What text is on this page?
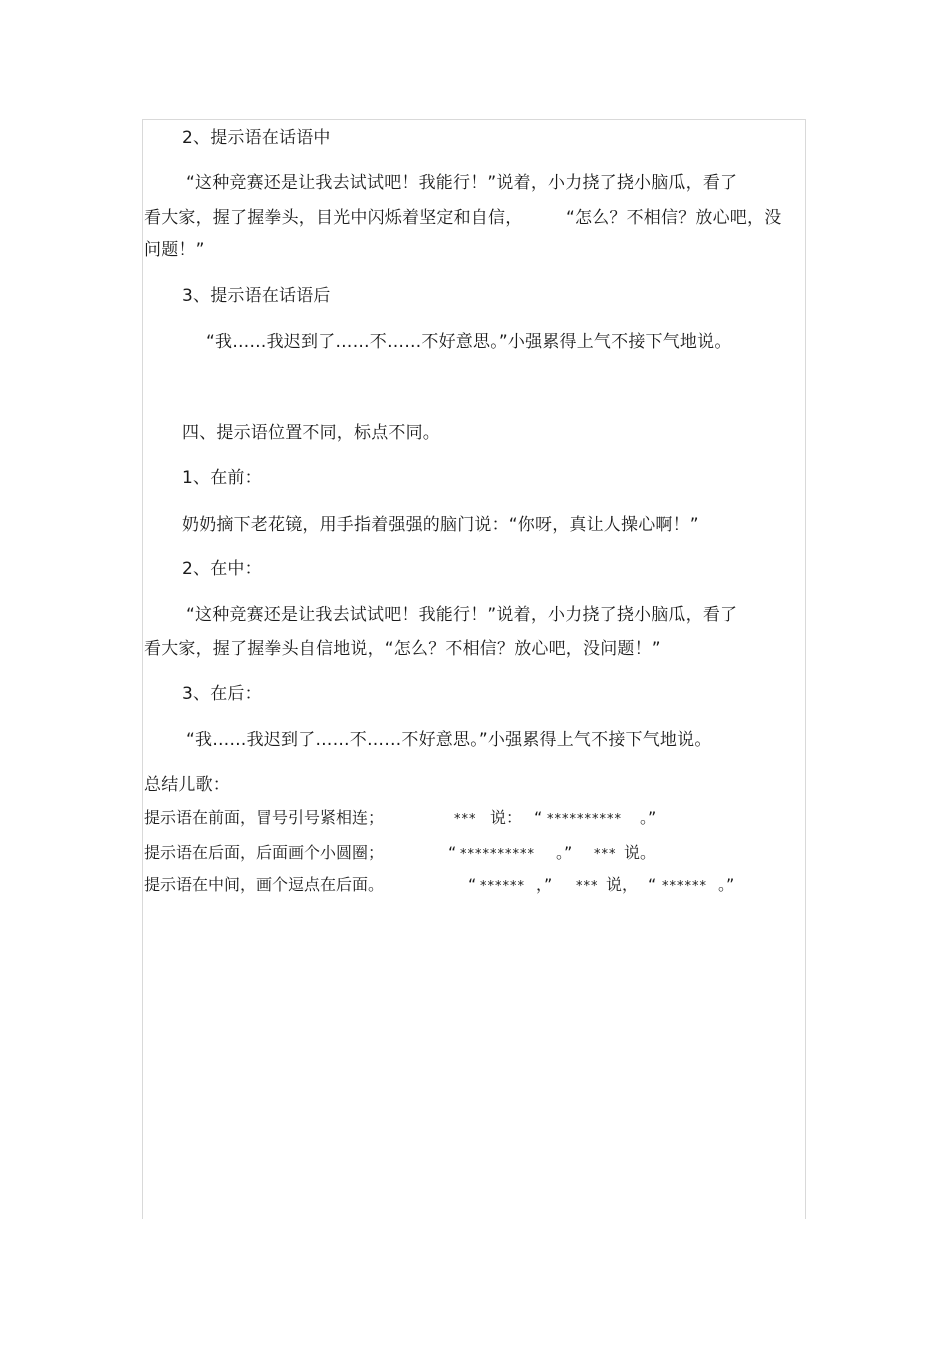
2、提示语在话语中
“这种竞赛还是让我去试试吧！我能行！”说着，小力挠了挠小脑瓜，看了
看大家，握了握拳头，目光中闪烁着坚定和自信，	“怎么？不相信？放心吧，没
问题！”
3、提示语在话语后
“我……我迟到了……不……不好意思。”小强累得上气不接下气地说。
四、提示语位置不同，标点不同。
1、在前：
奶奶摘下老花镜，用手指着强强的脑门说：“你呀，真让人操心啊！”
2、在中：
“这种竞赛还是让我去试试吧！我能行！”说着，小力挠了挠小脑瓜，看了
看大家，握了握拳头自信地说，“怎么？不相信？放心吧，没问题！”
3、在后：
“我……我迟到了……不……不好意思。”小强累得上气不接下气地说。
总结儿歌：
提示语在前面，冒号引号紧相连；	*** 说： “ ********** 。”
提示语在后面，后面画个小圆圈；	“ ********** 。” *** 说。
提示语在中间，画个逗点在后面。	“ ****** ，” *** 说， “ ****** 。”
